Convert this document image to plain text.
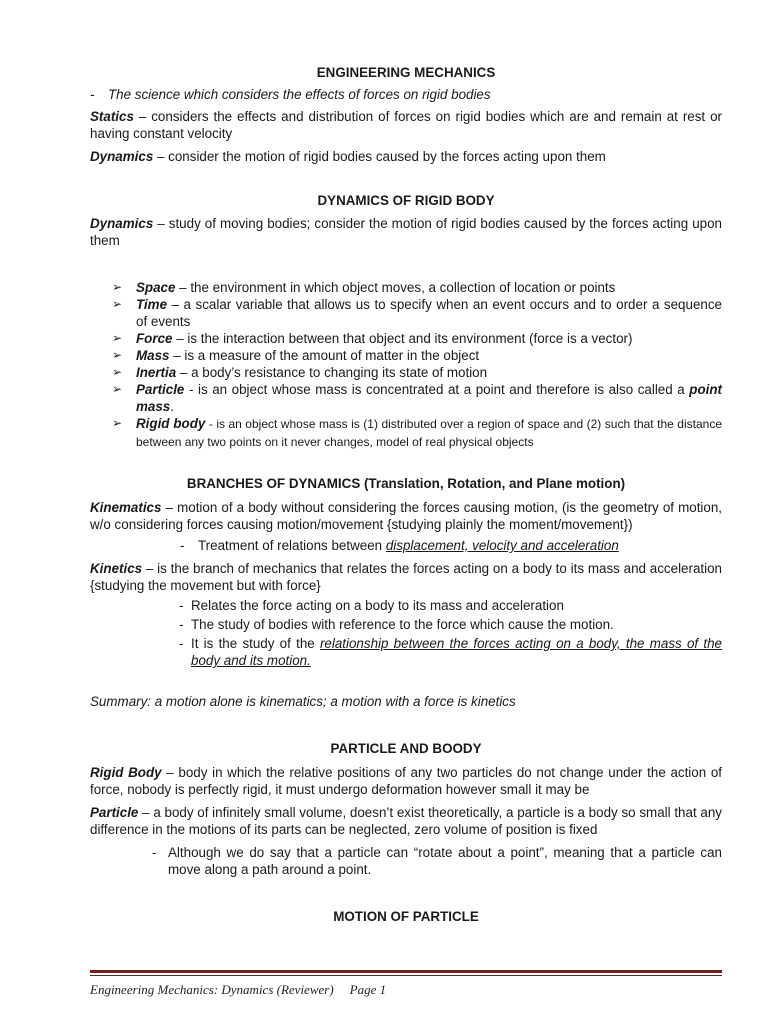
ENGINEERING MECHANICS

-	The science which considers the effects of forces on rigid bodies

Statics – considers the effects and distribution of forces on rigid bodies which are and remain at rest or having constant velocity

Dynamics – consider the motion of rigid bodies caused by the forces acting upon them

DYNAMICS OF RIGID BODY

Dynamics – study of moving bodies; consider the motion of rigid bodies caused by the forces acting upon them

➢ Space – the environment in which object moves, a collection of location or points
➢ Time – a scalar variable that allows us to specify when an event occurs and to order a sequence of events
➢ Force – is the interaction between that object and its environment (force is a vector)
➢ Mass – is a measure of the amount of matter in the object
➢ Inertia – a body’s resistance to changing its state of motion
➢ Particle - is an object whose mass is concentrated at a point and therefore is also called a point mass.
➢ Rigid body - is an object whose mass is (1) distributed over a region of space and (2) such that the distance between any two points on it never changes, model of real physical objects

BRANCHES OF DYNAMICS (Translation, Rotation, and Plane motion)

Kinematics – motion of a body without considering the forces causing motion, (is the geometry of motion, w/o considering forces causing motion/movement {studying plainly the moment/movement})

-	Treatment of relations between displacement, velocity and acceleration

Kinetics – is the branch of mechanics that relates the forces acting on a body to its mass and acceleration {studying the movement but with force}

- Relates the force acting on a body to its mass and acceleration
- The study of bodies with reference to the force which cause the motion.
- It is the study of the relationship between the forces acting on a body, the mass of the body and its motion.

Summary: a motion alone is kinematics; a motion with a force is kinetics

PARTICLE AND BOODY

Rigid Body – body in which the relative positions of any two particles do not change under the action of force, nobody is perfectly rigid, it must undergo deformation however small it may be

Particle – a body of infinitely small volume, doesn’t exist theoretically, a particle is a body so small that any difference in the motions of its parts can be neglected, zero volume of position is fixed

- Although we do say that a particle can “rotate about a point”, meaning that a particle can move along a path around a point.

MOTION OF PARTICLE

Engineering Mechanics: Dynamics (Reviewer) Page 1
